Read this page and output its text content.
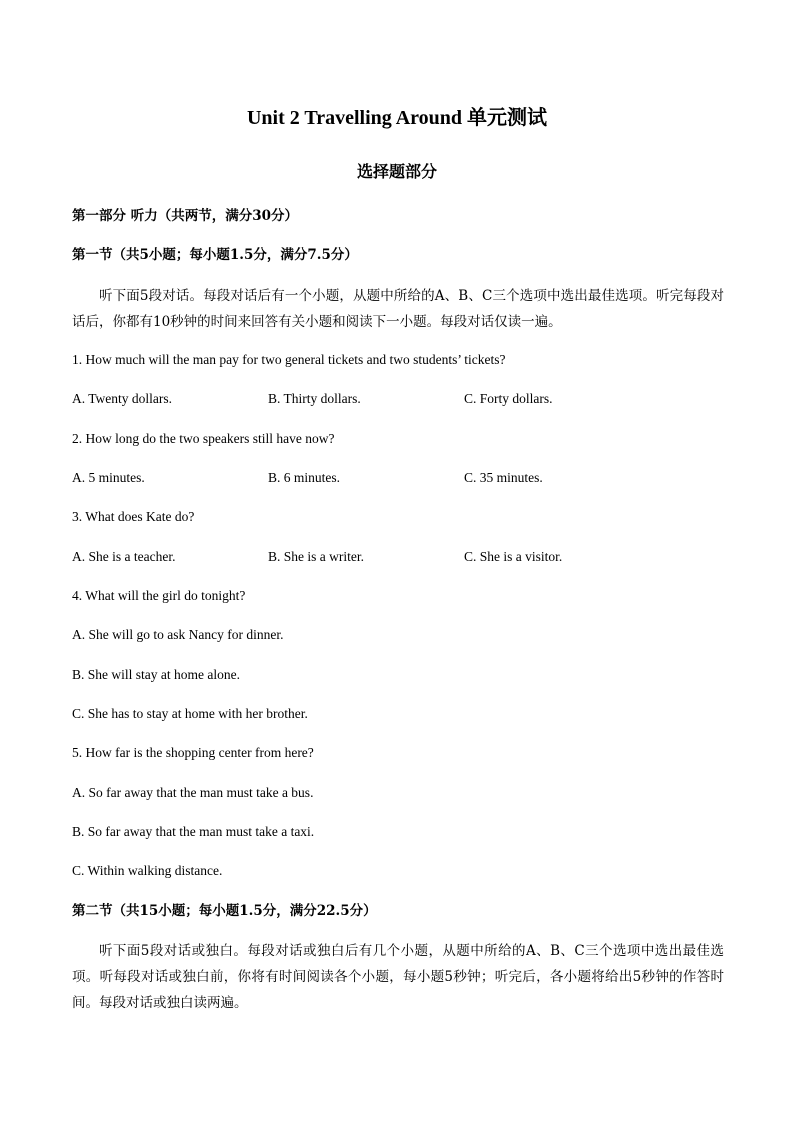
Unit 2 Travelling Around 单元测试
选择题部分
第一部分 听力（共两节，满分30分）
第一节（共5小题；每小题1.5分，满分7.5分）

听下面5段对话。每段对话后有一个小题，从题中所给的A、B、C三个选项中选出最佳选项。听完每段对话后，你都有10秒钟的时间来回答有关小题和阅读下一小题。每段对话仅读一遍。

1. How much will the man pay for two general tickets and two students’ tickets?
A. Twenty dollars.	B. Thirty dollars.	C. Forty dollars.
2. How long do the two speakers still have now?
A. 5 minutes.	B. 6 minutes.	C. 35 minutes.
3. What does Kate do?
A. She is a teacher.	B. She is a writer.	C. She is a visitor.
4. What will the girl do tonight?
A. She will go to ask Nancy for dinner.
B. She will stay at home alone.
C. She has to stay at home with her brother.
5. How far is the shopping center from here?
A. So far away that the man must take a bus.
B. So far away that the man must take a taxi.
C. Within walking distance.
第二节（共15小题；每小题1.5分，满分22.5分）

听下面5段对话或独白。每段对话或独白后有几个小题，从题中所给的A、B、C三个选项中选出最佳选项。听每段对话或独白前，你将有时间阅读各个小题，每小题5秒钟；听完后，各小题将给出5秒钟的作答时间。每段对话或独白读两遍。
